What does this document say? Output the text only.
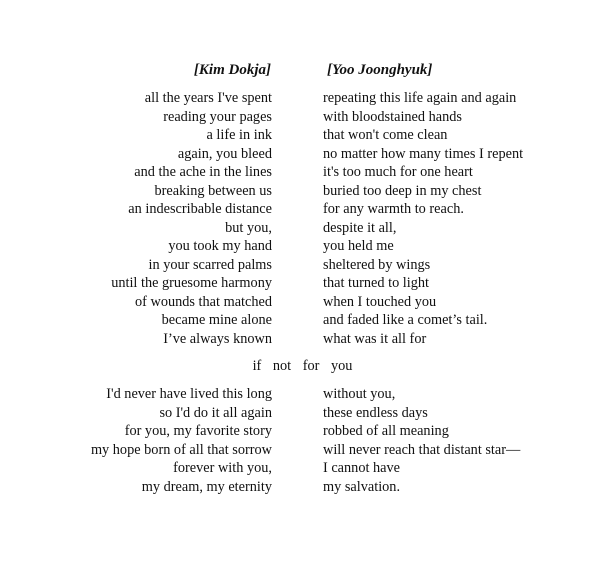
[Kim Dokja]	[Yoo Joonghyuk]
all the years I've spent
reading your pages
a life in ink
again, you bleed
and the ache in the lines
breaking between us
an indescribable distance
but you,
you took my hand
in your scarred palms
until the gruesome harmony
of wounds that matched
became mine alone
I’ve always known
repeating this life again and again
with bloodstained hands
that won't come clean
no matter how many times I repent
it's too much for one heart
buried too deep in my chest
for any warmth to reach.
despite it all,
you held me
sheltered by wings
that turned to light
when I touched you
and faded like a comet’s tail.
what was it all for
if not for you
I'd never have lived this long
so I'd do it all again
for you, my favorite story
my hope born of all that sorrow
forever with you,
my dream, my eternity
without you,
these endless days
robbed of all meaning
will never reach that distant star—
I cannot have
my salvation.
